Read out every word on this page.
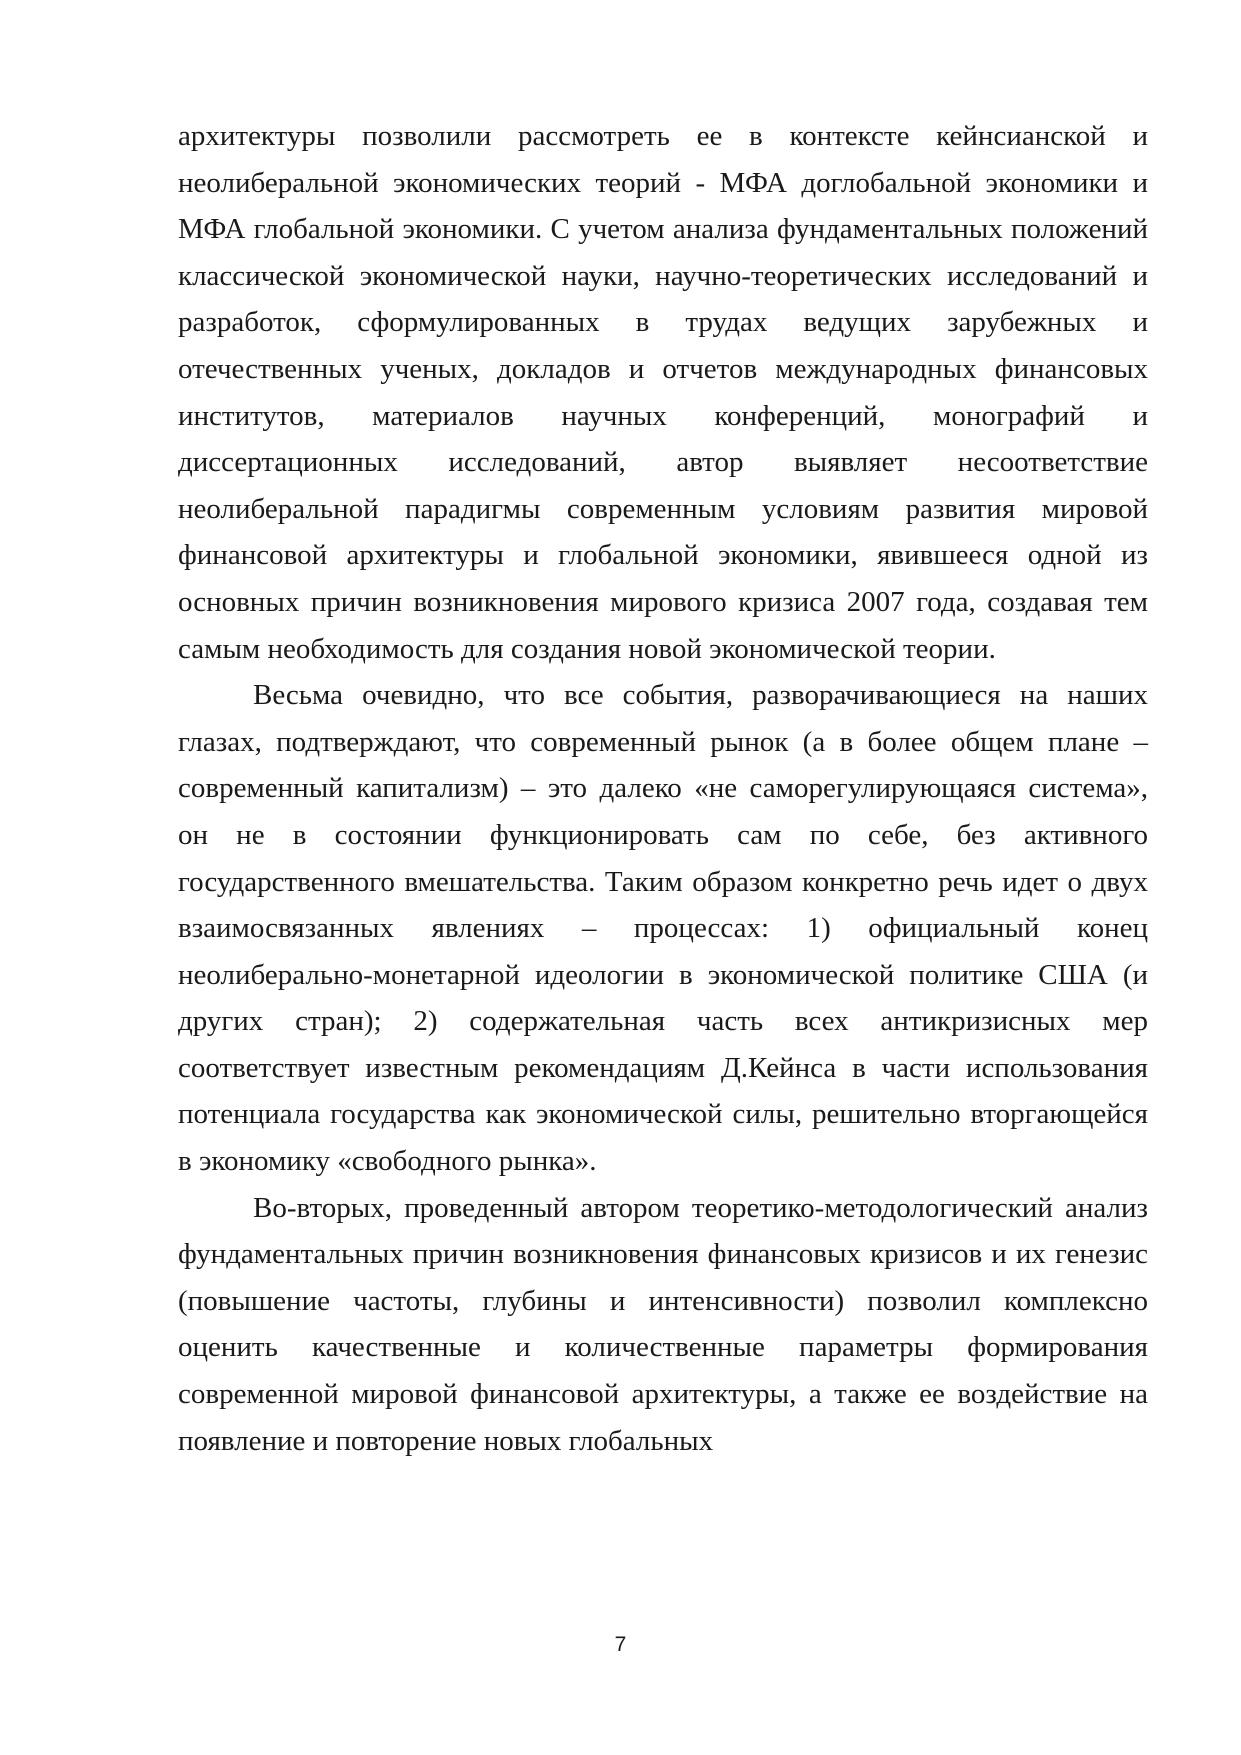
архитектуры позволили рассмотреть ее в контексте кейнсианской и неолиберальной экономических теорий - МФА доглобальной экономики и МФА глобальной экономики. С учетом анализа фундаментальных положений классической экономической науки, научно-теоретических исследований и разработок, сформулированных в трудах ведущих зарубежных и отечественных ученых, докладов и отчетов международных финансовых институтов, материалов научных конференций, монографий и диссертационных исследований, автор выявляет несоответствие неолиберальной парадигмы современным условиям развития мировой финансовой архитектуры и глобальной экономики, явившееся одной из основных причин возникновения мирового кризиса 2007 года, создавая тем самым необходимость для создания новой экономической теории.

Весьма очевидно, что все события, разворачивающиеся на наших глазах, подтверждают, что современный рынок (а в более общем плане – современный капитализм) – это далеко «не саморегулирующаяся система», он не в состоянии функционировать сам по себе, без активного государственного вмешательства. Таким образом конкретно речь идет о двух взаимосвязанных явлениях – процессах: 1) официальный конец неолиберально-монетарной идеологии в экономической политике США (и других стран); 2) содержательная часть всех антикризисных мер соответствует известным рекомендациям Д.Кейнса в части использования потенциала государства как экономической силы, решительно вторгающейся в экономику «свободного рынка».

Во-вторых, проведенный автором теоретико-методологический анализ фундаментальных причин возникновения финансовых кризисов и их генезис (повышение частоты, глубины и интенсивности) позволил комплексно оценить качественные и количественные параметры формирования современной мировой финансовой архитектуры, а также ее воздействие на появление и повторение новых глобальных

7
